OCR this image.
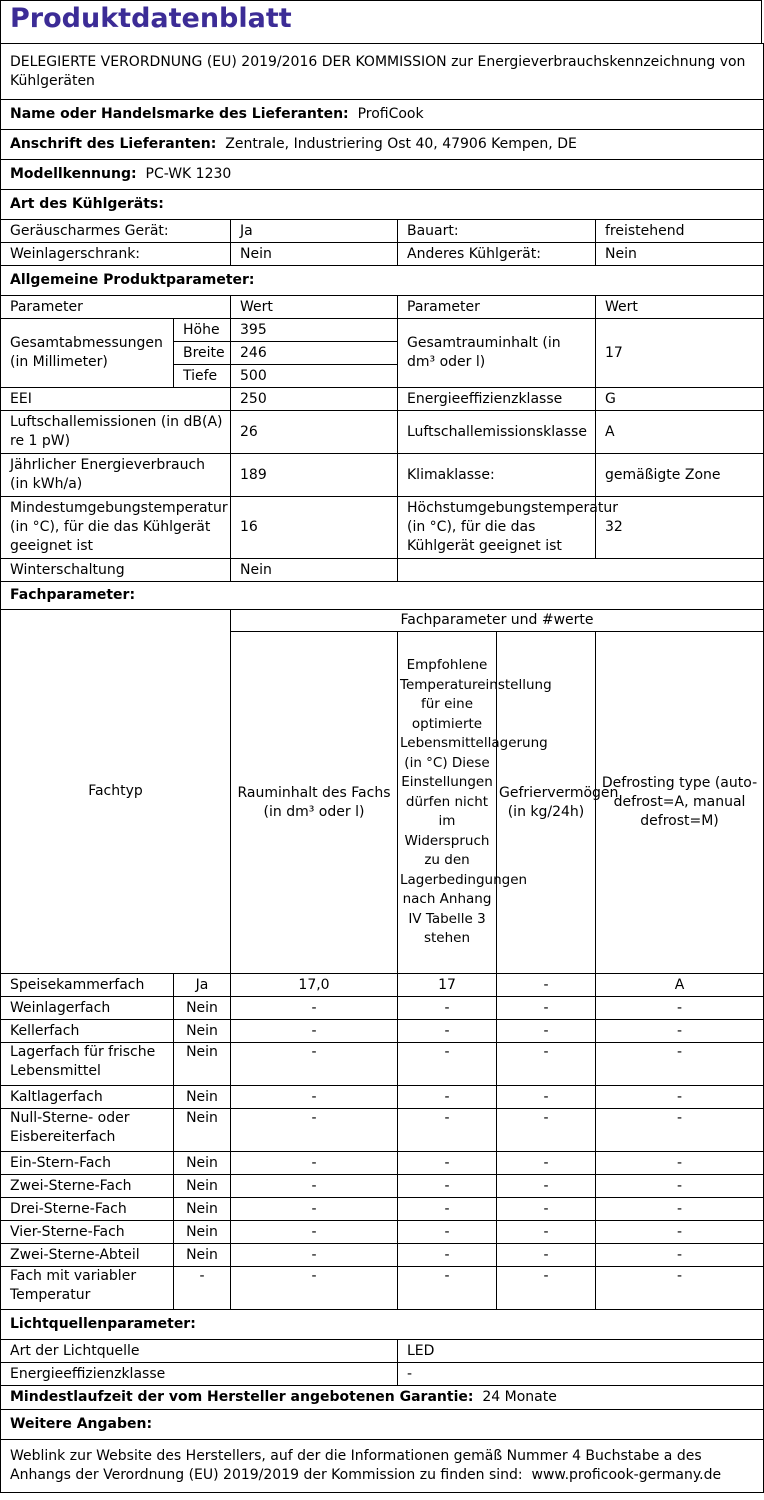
Produktdatenblatt
DELEGIERTE VERORDNUNG (EU) 2019/2016 DER KOMMISSION zur Energieverbrauchskennzeichnung von Kühlgeräten					
Name oder Handelsmarke des Lieferanten: ProfiCook					
Anschrift des Lieferanten: Zentrale, Industriering Ost 40, 47906 Kempen, DE					
Modellkennung: PC-WK 1230					
Art des Kühlgeräts:					
Geräuscharmes Gerät:		Ja	Bauart:		freistehend
Weinlagerschrank:		Nein	Anderes Kühlgerät:		Nein
Allgemeine Produktparameter:					
Parameter		Wert	Parameter		Wert
Gesamtabmessungen (in Millimeter)	Höhe	395	Gesamtrauminhalt (in dm³ oder l)		17
	Breite	246			
	Tiefe	500			
EEI		250	Energieeffizienzklasse		G
Luftschallemissionen (in dB(A) re 1 pW)		26	Luftschallemissionsklasse		A
Jährlicher Energieverbrauch (in kWh/a)		189	Klimaklasse:		gemäßigte Zone
Mindestumgebungstemperatur (in °C), für die das Kühlgerät geeignet ist		16	Höchstumgebungstemperatur (in °C), für die das Kühlgerät geeignet ist		32
Winterschaltung		Nein			
Fachparameter:					
Fachtyp		Fachparameter und #werte			
		Rauminhalt des Fachs (in dm³ oder l)	Empfohlene Temperatureinstellung für eine optimierte Lebensmittellagerung (in °C) Diese Einstellungen dürfen nicht im Widerspruch zu den Lagerbedingungen nach Anhang IV Tabelle 3 stehen	Gefriervermögen (in kg/24h)	Defrosting type (auto-defrost=A, manual defrost=M)
Speisekammerfach	Ja	17,0	17	-	A
Weinlagerfach	Nein	-	-	-	-
Kellerfach	Nein	-	-	-	-
Lagerfach für frische Lebensmittel	Nein	-	-	-	-
Kaltlagerfach	Nein	-	-	-	-
Null-Sterne- oder Eisbereiterfach	Nein	-	-	-	-
Ein-Stern-Fach	Nein	-	-	-	-
Zwei-Sterne-Fach	Nein	-	-	-	-
Drei-Sterne-Fach	Nein	-	-	-	-
Vier-Sterne-Fach	Nein	-	-	-	-
Zwei-Sterne-Abteil	Nein	-	-	-	-
Fach mit variabler Temperatur	-	-	-	-	-
Lichtquellenparameter:					
Art der Lichtquelle			LED		
Energieeffizienzklasse			-		
Mindestlaufzeit der vom Hersteller angebotenen Garantie: 24 Monate					
Weitere Angaben:					
Weblink zur Website des Herstellers, auf der die Informationen gemäß Nummer 4 Buchstabe a des Anhangs der Verordnung (EU) 2019/2019 der Kommission zu finden sind: www.proficook-germany.de					
